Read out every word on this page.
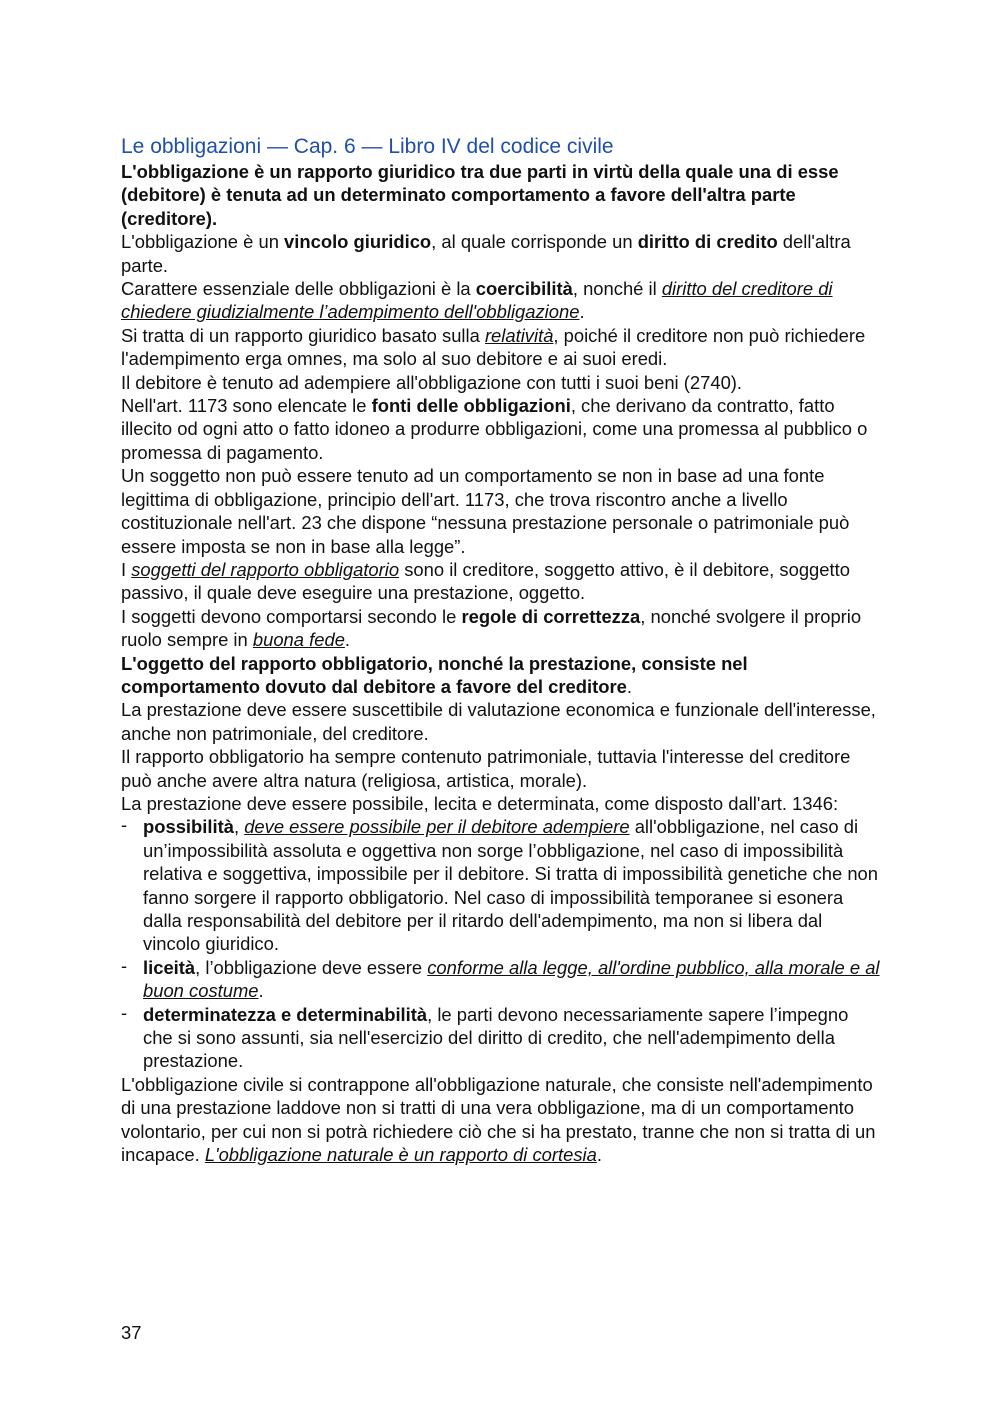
Le obbligazioni — Cap. 6 — Libro IV del codice civile

L'obbligazione è un rapporto giuridico tra due parti in virtù della quale una di esse (debitore) è tenuta ad un determinato comportamento a favore dell'altra parte (creditore).

L'obbligazione è un vincolo giuridico, al quale corrisponde un diritto di credito dell'altra parte.

Carattere essenziale delle obbligazioni è la coercibilità, nonché il diritto del creditore di chiedere giudizialmente l’adempimento dell'obbligazione.

Si tratta di un rapporto giuridico basato sulla relatività, poiché il creditore non può richiedere l'adempimento erga omnes, ma solo al suo debitore e ai suoi eredi.

Il debitore è tenuto ad adempiere all'obbligazione con tutti i suoi beni (2740).

Nell'art. 1173 sono elencate le fonti delle obbligazioni, che derivano da contratto, fatto illecito od ogni atto o fatto idoneo a produrre obbligazioni, come una promessa al pubblico o promessa di pagamento.

Un soggetto non può essere tenuto ad un comportamento se non in base ad una fonte legittima di obbligazione, principio dell'art. 1173, che trova riscontro anche a livello costituzionale nell'art. 23 che dispone “nessuna prestazione personale o patrimoniale può essere imposta se non in base alla legge”.

I soggetti del rapporto obbligatorio sono il creditore, soggetto attivo, è il debitore, soggetto passivo, il quale deve eseguire una prestazione, oggetto.

I soggetti devono comportarsi secondo le regole di correttezza, nonché svolgere il proprio ruolo sempre in buona fede.

L'oggetto del rapporto obbligatorio, nonché la prestazione, consiste nel comportamento dovuto dal debitore a favore del creditore.

La prestazione deve essere suscettibile di valutazione economica e funzionale dell'interesse, anche non patrimoniale, del creditore.

Il rapporto obbligatorio ha sempre contenuto patrimoniale, tuttavia l'interesse del creditore può anche avere altra natura (religiosa, artistica, morale).

La prestazione deve essere possibile, lecita e determinata, come disposto dall'art. 1346:

- possibilità, deve essere possibile per il debitore adempiere all'obbligazione, nel caso di un’impossibilità assoluta e oggettiva non sorge l’obbligazione, nel caso di impossibilità relativa e soggettiva, impossibile per il debitore. Si tratta di impossibilità genetiche che non fanno sorgere il rapporto obbligatorio. Nel caso di impossibilità temporanee si esonera dalla responsabilità del debitore per il ritardo dell'adempimento, ma non si libera dal vincolo giuridico.
- liceità, l’obbligazione deve essere conforme alla legge, all'ordine pubblico, alla morale e al buon costume.
- determinatezza e determinabilità, le parti devono necessariamente sapere l’impegno che si sono assunti, sia nell'esercizio del diritto di credito, che nell'adempimento della prestazione.

L'obbligazione civile si contrappone all'obbligazione naturale, che consiste nell'adempimento di una prestazione laddove non si tratti di una vera obbligazione, ma di un comportamento volontario, per cui non si potrà richiedere ciò che si ha prestato, tranne che non si tratta di un incapace. L'obbligazione naturale è un rapporto di cortesia.

37
